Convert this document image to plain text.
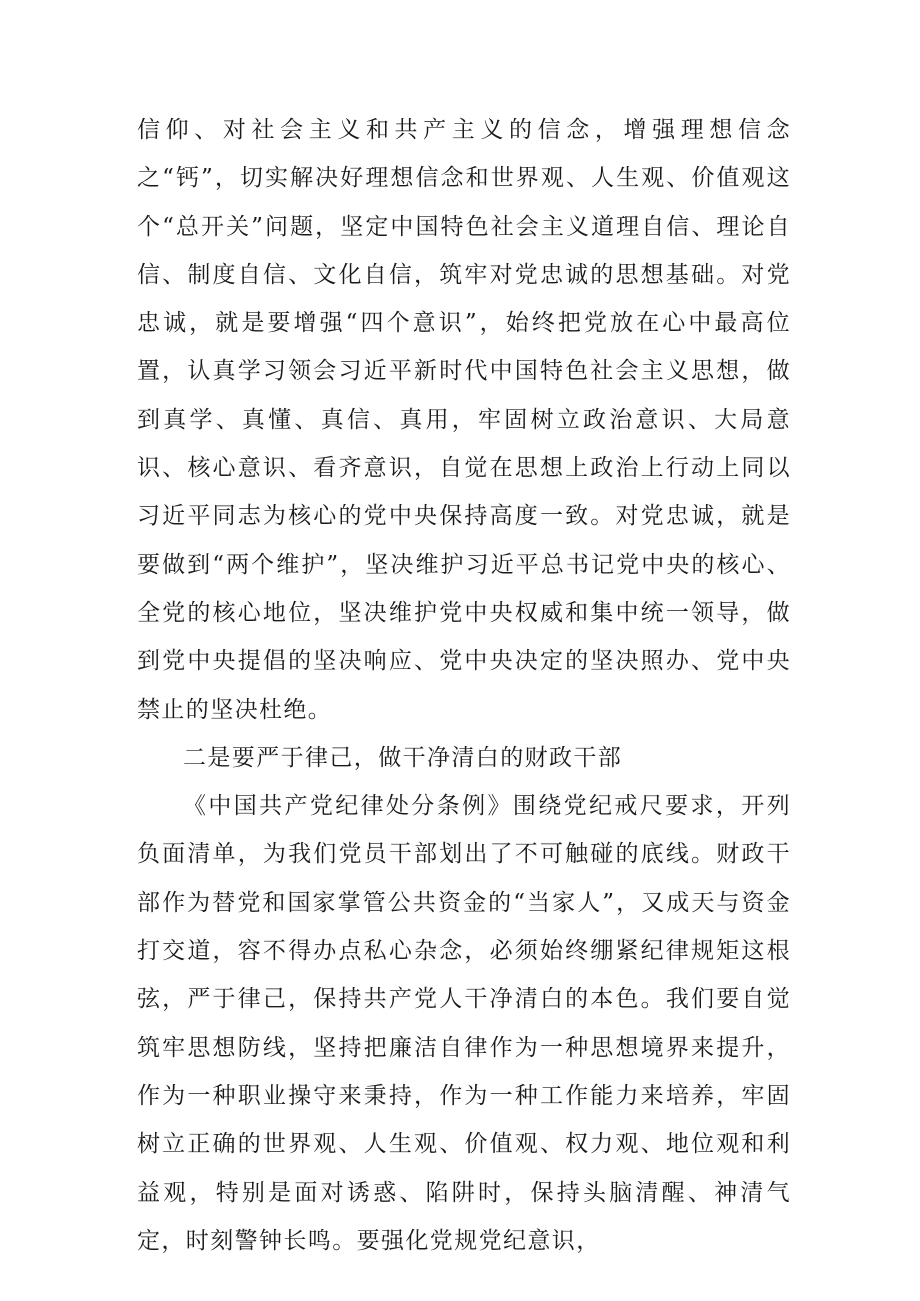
信仰、对社会主义和共产主义的信念，增强理想信念之“钙”，切实解决好理想信念和世界观、人生观、价值观这个“总开关”问题，坚定中国特色社会主义道理自信、理论自信、制度自信、文化自信，筑牢对党忠诚的思想基础。对党忠诚，就是要增强“四个意识”，始终把党放在心中最高位置，认真学习领会习近平新时代中国特色社会主义思想，做到真学、真懂、真信、真用，牢固树立政治意识、大局意识、核心意识、看齐意识，自觉在思想上政治上行动上同以习近平同志为核心的党中央保持高度一致。对党忠诚，就是要做到“两个维护”，坚决维护习近平总书记党中央的核心、全党的核心地位，坚决维护党中央权威和集中统一领导，做到党中央提倡的坚决响应、党中央决定的坚决照办、党中央禁止的坚决杜绝。

二是要严于律己，做干净清白的财政干部

《中国共产党纪律处分条例》围绕党纪戒尺要求，开列负面清单，为我们党员干部划出了不可触碰的底线。财政干部作为替党和国家掌管公共资金的“当家人”，又成天与资金打交道，容不得办点私心杂念，必须始终绷紧纪律规矩这根弦，严于律己，保持共产党人干净清白的本色。我们要自觉筑牢思想防线，坚持把廉洁自律作为一种思想境界来提升，作为一种职业操守来秉持，作为一种工作能力来培养，牢固树立正确的世界观、人生观、价值观、权力观、地位观和利益观，特别是面对诱惑、陷阱时，保持头脑清醒、神清气定，时刻警钟长鸣。要强化党规党纪意识，
